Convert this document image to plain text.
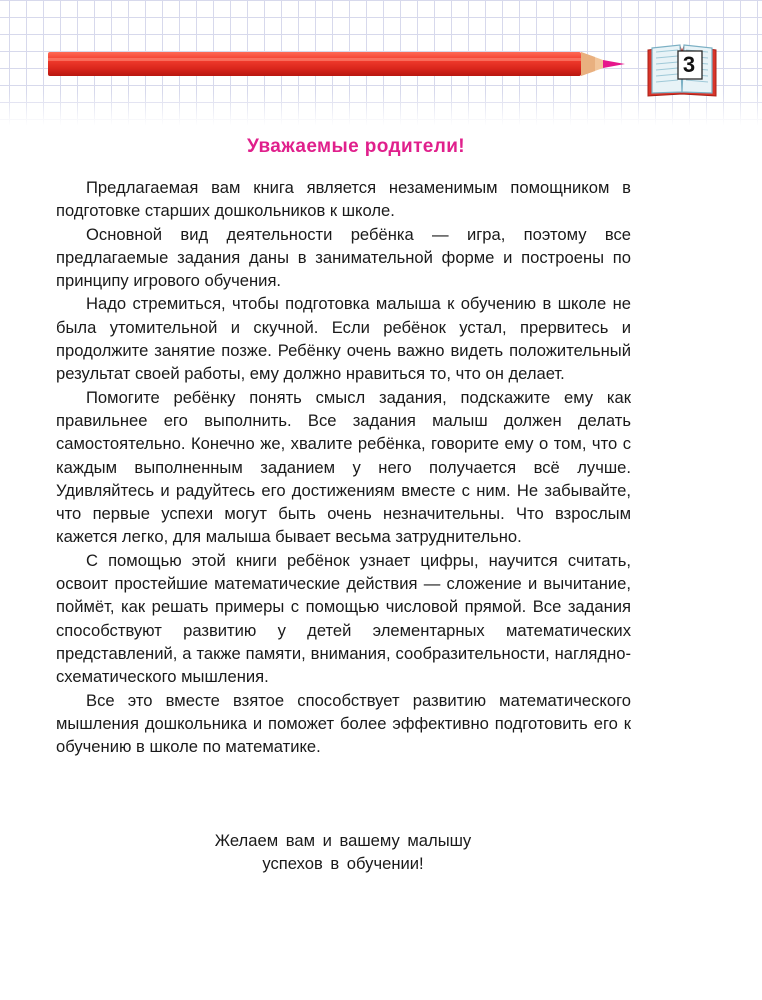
3
Уважаемые родители!

Предлагаемая вам книга является незаменимым помощником в подготовке старших дошкольников к школе.

Основной вид деятельности ребёнка — игра, поэтому все предлагаемые задания даны в занимательной форме и построены по принципу игрового обучения.

Надо стремиться, чтобы подготовка малыша к обучению в школе не была утомительной и скучной. Если ребёнок устал, прервитесь и продолжите занятие позже. Ребёнку очень важно видеть положительный результат своей работы, ему должно нравиться то, что он делает.

Помогите ребёнку понять смысл задания, подскажите ему как правильнее его выполнить. Все задания малыш должен делать самостоятельно. Конечно же, хвалите ребёнка, говорите ему о том, что с каждым выполненным заданием у него получается всё лучше. Удивляйтесь и радуйтесь его достижениям вместе с ним. Не забывайте, что первые успехи могут быть очень незначительны. Что взрослым кажется легко, для малыша бывает весьма затруднительно.

С помощью этой книги ребёнок узнает цифры, научится считать, освоит простейшие математические действия — сложение и вычитание, поймёт, как решать примеры с помощью числовой прямой. Все задания способствуют развитию у детей элементарных математических представлений, а также памяти, внимания, сообразительности, наглядно-схематического мышления.

Все это вместе взятое способствует развитию математического мышления дошкольника и поможет более эффективно подготовить его к обучению в школе по математике.

Желаем вам и вашему малышу
успехов в обучении!
